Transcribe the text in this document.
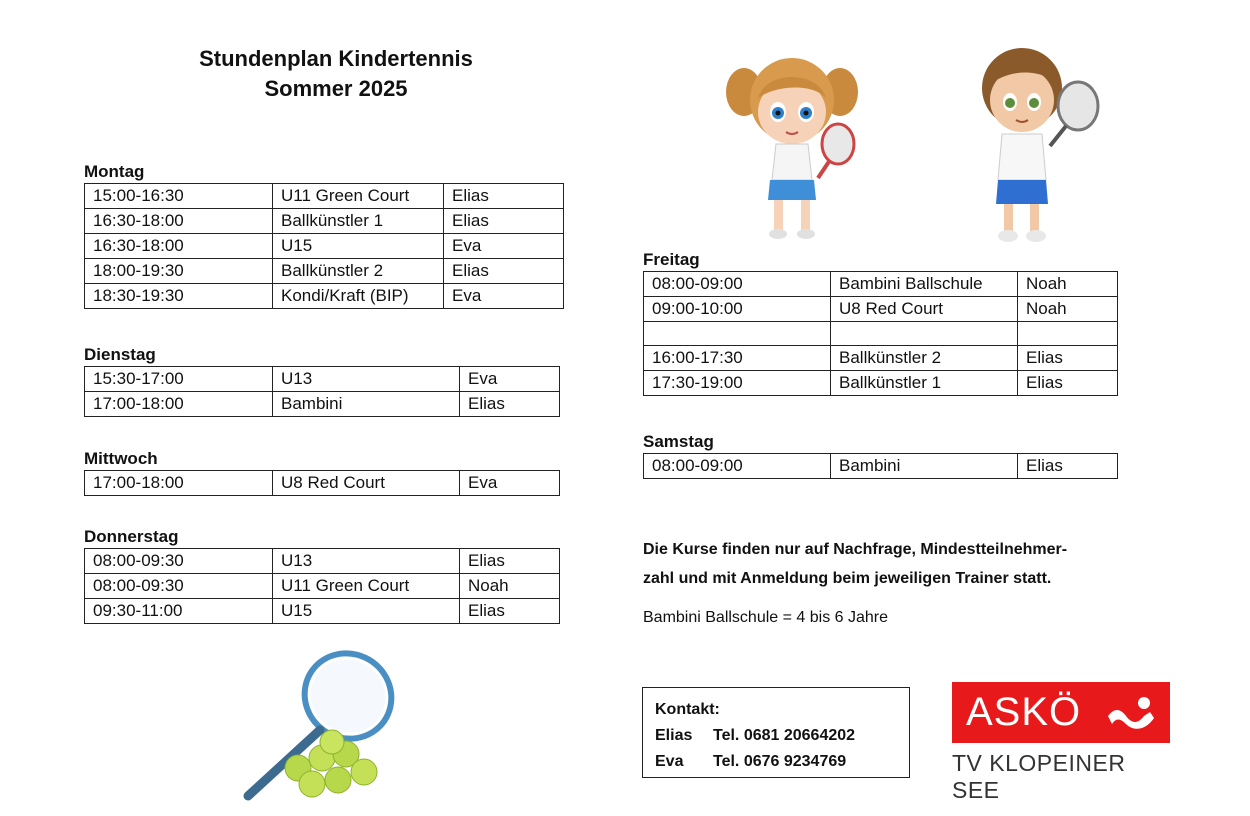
Stundenplan Kindertennis
Sommer 2025
Montag
15:00-16:30	U11 Green Court	Elias
16:30-18:00	Ballkünstler 1	Elias
16:30-18:00	U15	Eva
18:00-19:30	Ballkünstler 2	Elias
18:30-19:30	Kondi/Kraft (BIP)	Eva
Dienstag
15:30-17:00	U13	Eva
17:00-18:00	Bambini	Elias
Mittwoch
17:00-18:00	U8 Red Court	Eva
Donnerstag
08:00-09:30	U13	Elias
08:00-09:30	U11 Green Court	Noah
09:30-11:00	U15	Elias
Freitag
08:00-09:00	Bambini Ballschule	Noah
09:00-10:00	U8 Red Court	Noah

16:00-17:30	Ballkünstler 2	Elias
17:30-19:00	Ballkünstler 1	Elias
Samstag
08:00-09:00	Bambini	Elias
Die Kurse finden nur auf Nachfrage, Mindestteilnehmer-
zahl und mit Anmeldung beim jeweiligen Trainer statt.
Bambini Ballschule = 4 bis 6 Jahre
Kontakt:
Elias	Tel. 0681 20664202
Eva	Tel. 0676 9234769
ASKÖ
TV KLOPEINER SEE
